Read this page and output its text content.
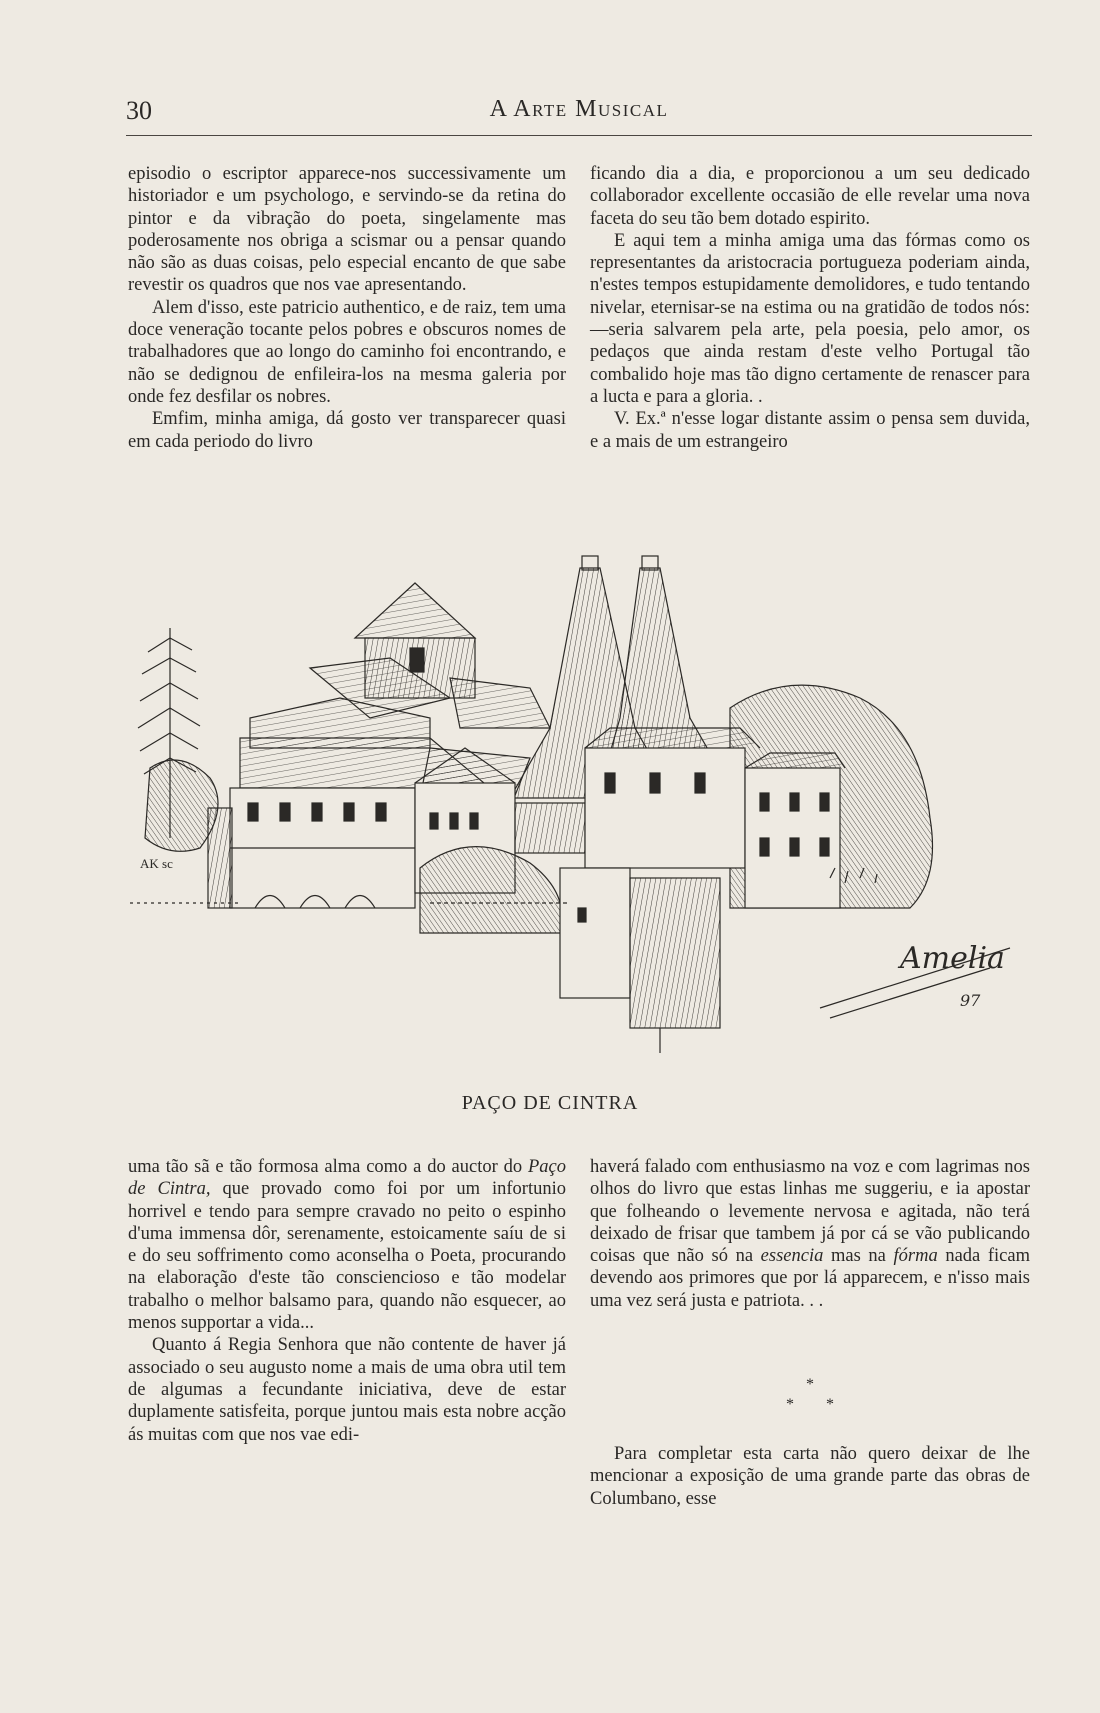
30	A Arte Musical

episodio o escriptor apparece-nos successivamente um historiador e um psychologo, e servindo-se da retina do pintor e da vibração do poeta, singelamente mas poderosamente nos obriga a scismar ou a pensar quando não são as duas coisas, pelo especial encanto de que sabe revestir os quadros que nos vae apresentando.

Alem d'isso, este patricio authentico, e de raiz, tem uma doce veneração tocante pelos pobres e obscuros nomes de trabalhadores que ao longo do caminho foi encontrando, e não se dedignou de enfileira-los na mesma galeria por onde fez desfilar os nobres.

Emfim, minha amiga, dá gosto ver transparecer quasi em cada periodo do livro

ficando dia a dia, e proporcionou a um seu dedicado collaborador excellente occasião de elle revelar uma nova faceta do seu tão bem dotado espirito.

E aqui tem a minha amiga uma das fórmas como os representantes da aristocracia portugueza poderiam ainda, n'estes tempos estupidamente demolidores, e tudo tentando nivelar, eternisar-se na estima ou na gratidão de todos nós:—seria salvarem pela arte, pela poesia, pelo amor, os pedaços que ainda restam d'este velho Portugal tão combalido hoje mas tão digno certamente de renascer para a lucta e para a gloria. .

V. Ex.ª n'esse logar distante assim o pensa sem duvida, e a mais de um estrangeiro

AK sc
Amelia
97
PAÇO DE CINTRA

uma tão sã e tão formosa alma como a do auctor do Paço de Cintra, que provado como foi por um infortunio horrivel e tendo para sempre cravado no peito o espinho d'uma immensa dôr, serenamente, estoicamente saíu de si e do seu soffrimento como aconselha o Poeta, procurando na elaboração d'este tão consciencioso e tão modelar trabalho o melhor balsamo para, quando não esquecer, ao menos supportar a vida...

Quanto á Regia Senhora que não contente de haver já associado o seu augusto nome a mais de uma obra util tem de algumas a fecundante iniciativa, deve de estar duplamente satisfeita, porque juntou mais esta nobre acção ás muitas com que nos vae edi-

haverá falado com enthusiasmo na voz e com lagrimas nos olhos do livro que estas linhas me suggeriu, e ia apostar que folheando o levemente nervosa e agitada, não terá deixado de frisar que tambem já por cá se vão publicando coisas que não só na essencia mas na fórma nada ficam devendo aos primores que por lá apparecem, e n'isso mais uma vez será justa e patriota. . .

*
* *

Para completar esta carta não quero deixar de lhe mencionar a exposição de uma grande parte das obras de Columbano, esse
